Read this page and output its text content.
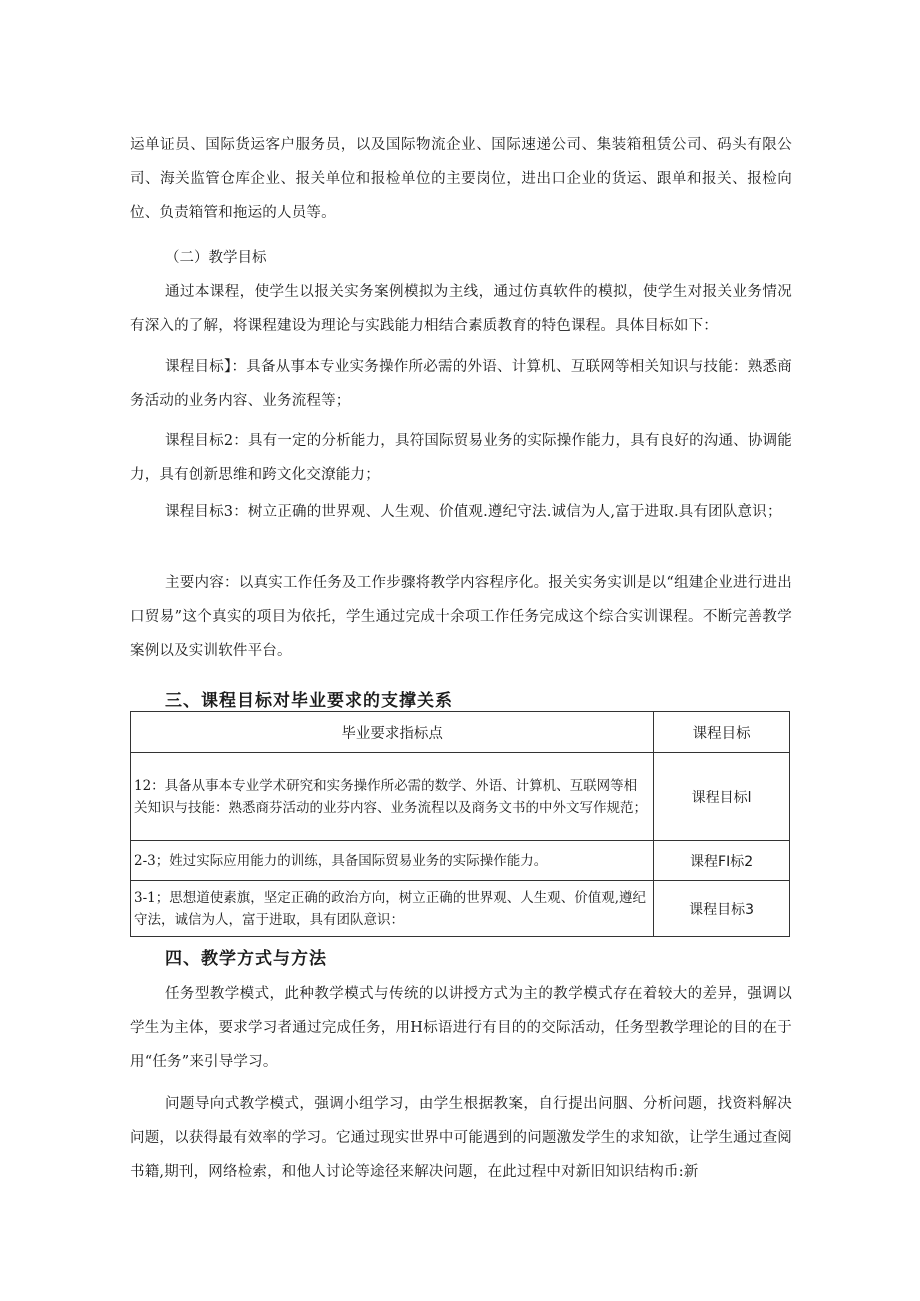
运单证员、国际货运客户服务员，以及国际物流企业、国际速递公司、集装箱租赁公司、码头有限公司、海关监管仓库企业、报关单位和报检单位的主要岗位，进出口企业的货运、跟单和报关、报检向位、负责箱管和拖运的人员等。

（二）教学目标

通过本课程，使学生以报关实务案例模拟为主线，通过仿真软件的模拟，使学生对报关业务情况有深入的了解，将课程建设为理论与实践能力相结合素质教育的特色课程。具体目标如下：

课程目标】：具备从事本专业实务操作所必需的外语、计算机、互联网等相关知识与技能：熟悉商务活动的业务内容、业务流程等；

课程目标2：具有一定的分析能力，具符国际贸易业务的实际操作能力，具有良好的沟通、协调能力，具有创新思维和跨文化交潦能力；

课程目标3：树立正确的世界观、人生观、价值观.遵纪守法.诚信为人,富于进取.具有团队意识；

主要内容：以真实工作任务及工作步骤将教学内容程序化。报关实务实训是以“组建企业进行进出口贸易”这个真实的项目为依托，学生通过完成十余项工作任务完成这个综合实训课程。不断完善教学案例以及实训软件平台。

三、课程目标对毕业要求的支撑关系
毕业要求指标点	课程目标
12：具备从事本专业学术研究和实务操作所必需的数学、外语、计算机、互联网等相关知识与技能：熟悉商芬活动的业芬内容、业务流程以及商务文书的中外文写作规范；	课程目标l
2-3；姓过实际应用能力的训练，具备国际贸易业务的实际操作能力。	课程FI标2
3-1；思想道使素旗，坚定正确的政治方向，树立正确的世界观、人生观、价值观,遵纪守法，诚信为人，富于进取，具有团队意识：	课程目标3
四、教学方式与方法

任务型教学模式，此种教学模式与传统的以讲授方式为主的教学模式存在着较大的差异，强调以学生为主体，要求学习者通过完成任务，用H标语进行有目的的交际活动，任务型教学理论的目的在于用“任务”来引导学习。

问题导向式教学模式，强调小组学习，由学生根据教案，自行提出问胭、分析问题，找资料解决问题，以获得最有效率的学习。它通过现实世界中可能遇到的问题激发学生的求知欲，让学生通过查阅书籍,期刊，网络检索，和他人讨论等途径来解决问题，在此过程中对新旧知识结构币:新
